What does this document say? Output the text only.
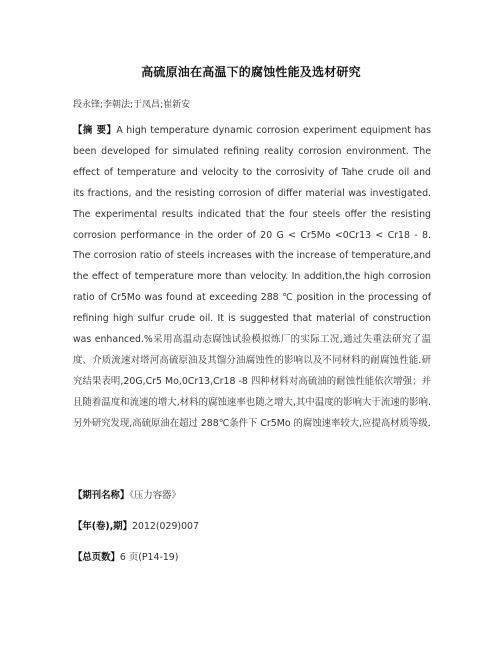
高硫原油在高温下的腐蚀性能及选材研究
段永锋;李朝法;于凤昌;崔新安
【摘 要】A high temperature dynamic corrosion experiment equipment has been developed for simulated refining reality corrosion environment. The effect of temperature and velocity to the corrosivity of Tahe crude oil and its fractions, and the resisting corrosion of differ material was investigated. The experimental results indicated that the four steels offer the resisting corrosion performance in the order of 20 G < Cr5Mo <0Cr13 < Cr18 - 8. The corrosion ratio of steels increases with the increase of temperature,and the effect of temperature more than velocity. In addition,the high corrosion ratio of Cr5Mo was found at exceeding 288 ℃ position in the processing of refining high sulfur crude oil. It is suggested that material of construction was enhanced.%采用高温动态腐蚀试验模拟炼厂的实际工况,通过失重法研究了温度、介质流速对塔河高硫原油及其馏分油腐蚀性的影响以及不同材料的耐腐蚀性能.研究结果表明,20G,Cr5 Mo,0Cr13,Cr18 -8 四种材料对高硫油的耐蚀性能依次增强；并且随着温度和流速的增大,材料的腐蚀速率也随之增大,其中温度的影响大于流速的影响.另外研究发现,高硫原油在超过 288℃条件下 Cr5Mo 的腐蚀速率较大,应提高材质等级.
【期刊名称】《压力容器》
【年(卷),期】2012(029)007
【总页数】6 页(P14-19)
